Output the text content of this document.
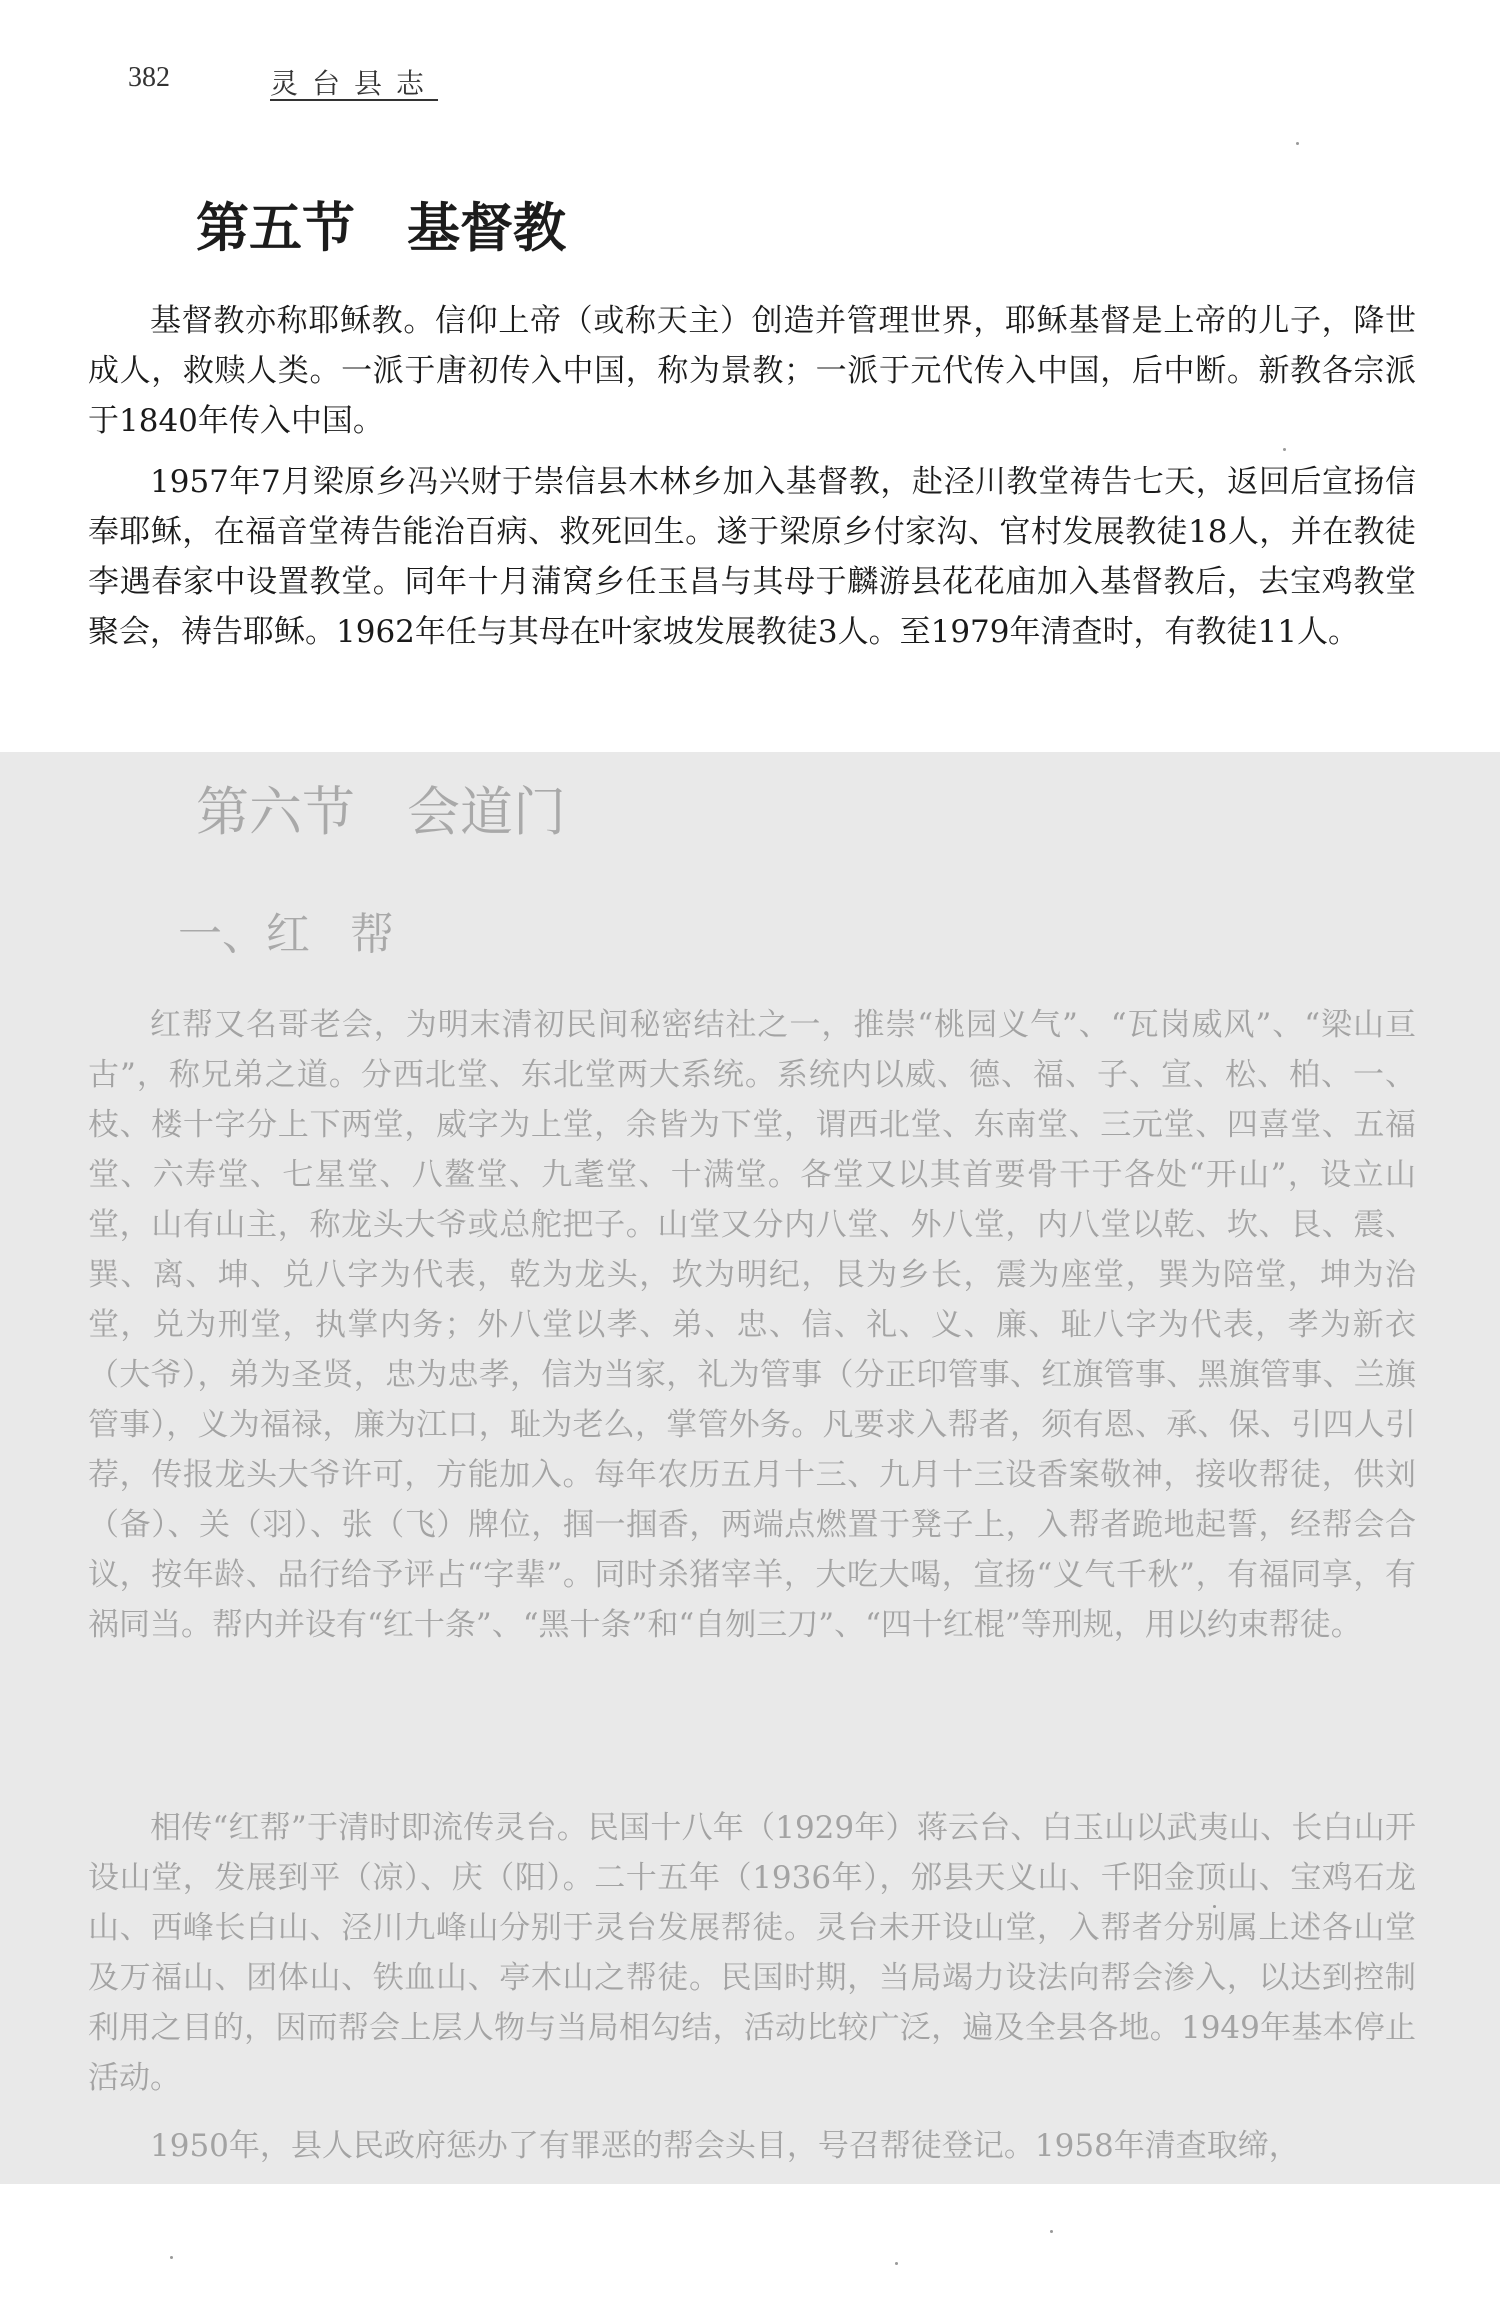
382	灵台县志
第五节 基督教

基督教亦称耶稣教。信仰上帝（或称天主）创造并管理世界，耶稣基督是上帝的儿子，降世成人，救赎人类。一派于唐初传入中国，称为景教；一派于元代传入中国，后中断。新教各宗派于1840年传入中国。

1957年7月梁原乡冯兴财于崇信县木林乡加入基督教，赴泾川教堂祷告七天，返回后宣扬信奉耶稣，在福音堂祷告能治百病、救死回生。遂于梁原乡付家沟、官村发展教徒18人，并在教徒李遇春家中设置教堂。同年十月蒲窝乡任玉昌与其母于麟游县花花庙加入基督教后，去宝鸡教堂聚会，祷告耶稣。1962年任与其母在叶家坡发展教徒3人。至1979年清查时，有教徒11人。

第六节 会道门
一、红 帮

红帮又名哥老会，为明末清初民间秘密结社之一，推崇“桃园义气”、“瓦岗威风”、“梁山亘古”，称兄弟之道。分西北堂、东北堂两大系统。系统内以威、德、福、子、宣、松、柏、一、枝、楼十字分上下两堂，威字为上堂，余皆为下堂，谓西北堂、东南堂、三元堂、四喜堂、五福堂、六寿堂、七星堂、八鳌堂、九耄堂、十满堂。各堂又以其首要骨干于各处“开山”，设立山堂，山有山主，称龙头大爷或总舵把子。山堂又分内八堂、外八堂，内八堂以乾、坎、艮、震、巽、离、坤、兑八字为代表，乾为龙头，坎为明纪，艮为乡长，震为座堂，巽为陪堂，坤为治堂，兑为刑堂，执掌内务；外八堂以孝、弟、忠、信、礼、义、廉、耻八字为代表，孝为新衣（大爷），弟为圣贤，忠为忠孝，信为当家，礼为管事（分正印管事、红旗管事、黑旗管事、兰旗管事），义为福禄，廉为江口，耻为老么，掌管外务。凡要求入帮者，须有恩、承、保、引四人引荐，传报龙头大爷许可，方能加入。每年农历五月十三、九月十三设香案敬神，接收帮徒，供刘（备）、关（羽）、张（飞）牌位，掴一掴香，两端点燃置于凳子上，入帮者跪地起誓，经帮会合议，按年龄、品行给予评占“字辈”。同时杀猪宰羊，大吃大喝，宣扬“义气千秋”，有福同享，有祸同当。帮内并设有“红十条”、“黑十条”和“自刎三刀”、“四十红棍”等刑规，用以约束帮徒。

相传“红帮”于清时即流传灵台。民国十八年（1929年）蒋云台、白玉山以武夷山、长白山开设山堂，发展到平（凉）、庆（阳）。二十五年（1936年），邠县天义山、千阳金顶山、宝鸡石龙山、西峰长白山、泾川九峰山分别于灵台发展帮徒。灵台未开设山堂，入帮者分别属上述各山堂及万福山、团体山、铁血山、亭木山之帮徒。民国时期，当局竭力设法向帮会渗入，以达到控制利用之目的，因而帮会上层人物与当局相勾结，活动比较广泛，遍及全县各地。1949年基本停止活动。

1950年，县人民政府惩办了有罪恶的帮会头目，号召帮徒登记。1958年清查取缔，
